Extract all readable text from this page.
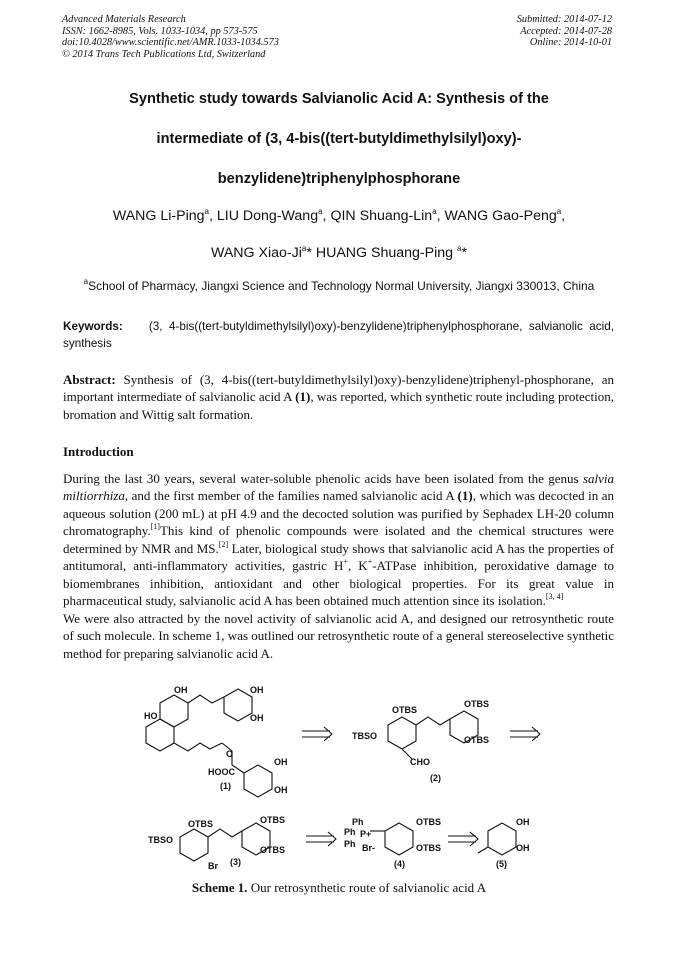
Advanced Materials Research
ISSN: 1662-8985, Vols. 1033-1034, pp 573-575
doi:10.4028/www.scientific.net/AMR.1033-1034.573
© 2014 Trans Tech Publications Ltd, Switzerland
Submitted: 2014-07-12
Accepted: 2014-07-28
Online: 2014-10-01
Synthetic study towards Salvianolic Acid A: Synthesis of the
intermediate of (3, 4-bis((tert-butyldimethylsilyl)oxy)-
benzylidene)triphenylphosphorane
WANG Li-Ping$^a$, LIU Dong-Wang$^a$, QIN Shuang-Lin$^a$, WANG Gao-Peng$^a$,
WANG Xiao-Ji$^a$* HUANG Shuang-Ping $^a$*
$^a$School of Pharmacy, Jiangxi Science and Technology Normal University, Jiangxi 330013, China
Keywords: (3, 4-bis((tert-butyldimethylsilyl)oxy)-benzylidene)triphenylphosphorane, salvianolic acid, synthesis
Abstract: Synthesis of (3, 4-bis((tert-butyldimethylsilyl)oxy)-benzylidene)triphenyl-phosphorane, an important intermediate of salvianolic acid A (1), was reported, which synthetic route including protection, bromation and Wittig salt formation.
Introduction

During the last 30 years, several water-soluble phenolic acids have been isolated from the genus salvia miltiorrhiza, and the first member of the families named salvianolic acid A (1), which was decocted in an aqueous solution (200 mL) at pH 4.9 and the decocted solution was purified by Sephadex LH-20 column chromatography.[1]This kind of phenolic compounds were isolated and the chemical structures were determined by NMR and MS.[2] Later, biological study shows that salvianolic acid A has the properties of antitumoral, anti-inflammatory activities, gastric H+, K+-ATPase inhibition, peroxidative damage to biomembranes inhibition, antioxidant and other biological properties. For its great value in pharmaceutical study, salvianolic acid A has been obtained much attention since its isolation.[3, 4]

We were also attracted by the novel activity of salvianolic acid A, and designed our retrosynthetic route of such molecule. In scheme 1, was outlined our retrosynthetic route of a general stereoselective synthetic method for preparing salvianolic acid A.

OH
HO
OH
OH
O
HOOC
OH
OH
(1)
OTBS
TBSO
OTBS
OTBS
CHO
(2)
OTBS
TBSO
OTBS
OTBS
Br (3)
Ph
Ph P+
Ph Br-
OTBS
OTBS
(4)
OH
OH
(5)
Scheme 1. Our retrosynthetic route of salvianolic acid A
